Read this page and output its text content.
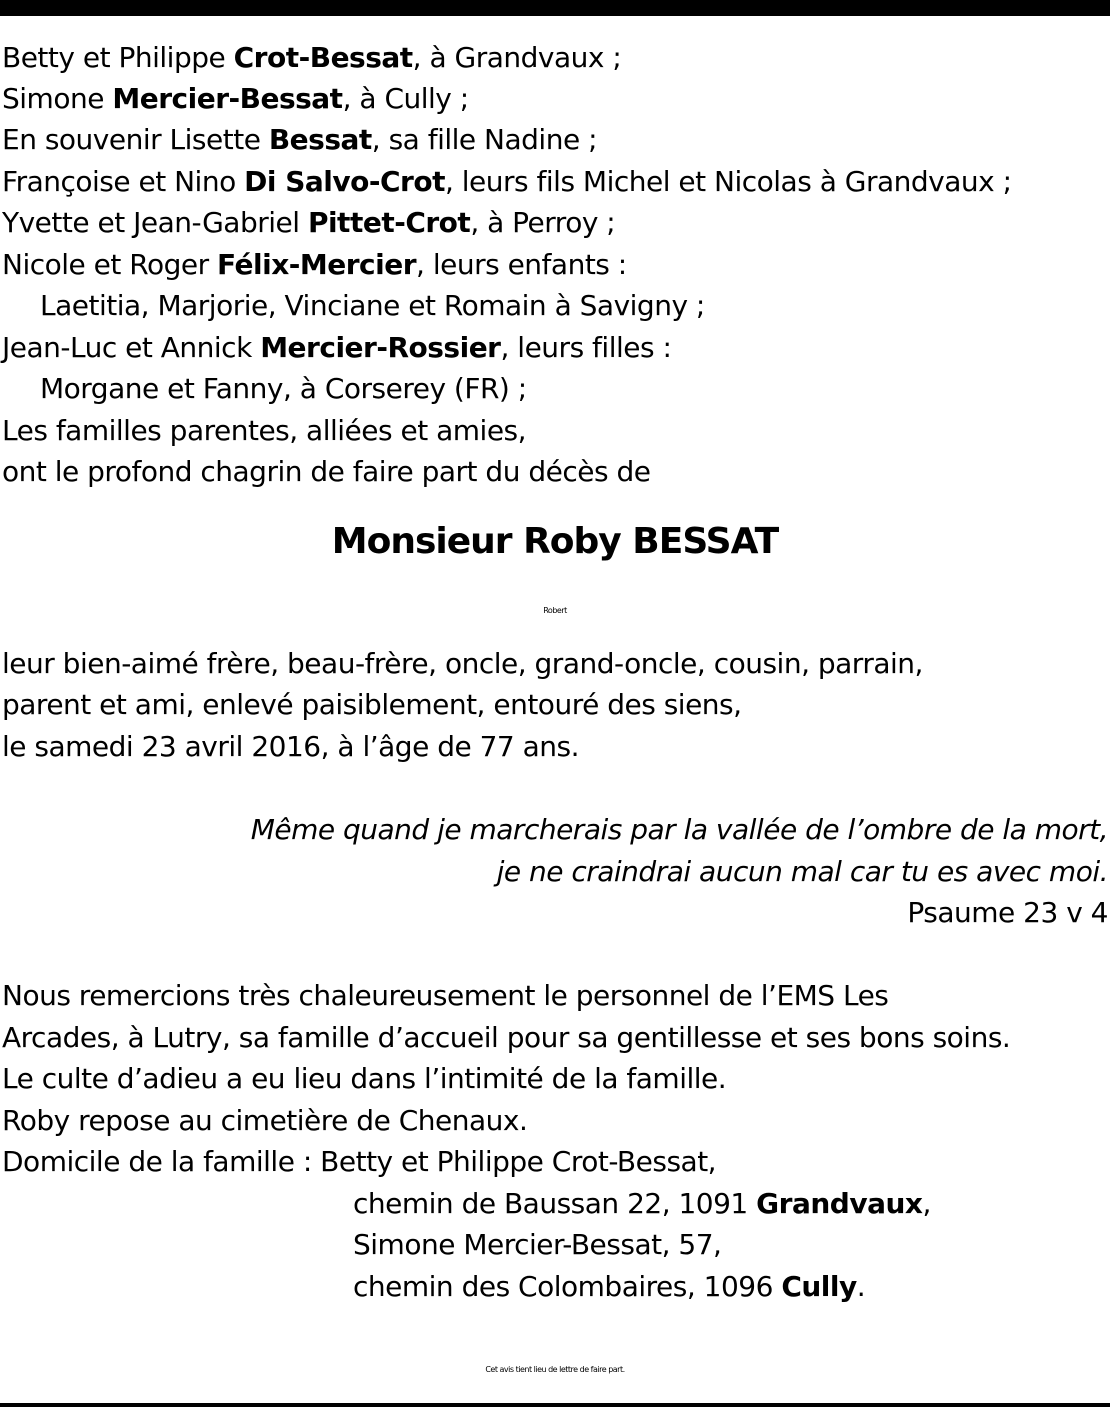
Betty et Philippe Crot-Bessat, à Grandvaux ;
Simone Mercier-Bessat, à Cully ;
En souvenir Lisette Bessat, sa fille Nadine ;
Françoise et Nino Di Salvo-Crot, leurs fils Michel et Nicolas à Grandvaux ;
Yvette et Jean-Gabriel Pittet-Crot, à Perroy ;
Nicole et Roger Félix-Mercier, leurs enfants :
Laetitia, Marjorie, Vinciane et Romain à Savigny ;
Jean-Luc et Annick Mercier-Rossier, leurs filles :
Morgane et Fanny, à Corserey (FR) ;
Les familles parentes, alliées et amies,
ont le profond chagrin de faire part du décès de
Monsieur Roby BESSAT
Robert
leur bien-aimé frère, beau-frère, oncle, grand-oncle, cousin, parrain,
parent et ami, enlevé paisiblement, entouré des siens,
le samedi 23 avril 2016, à l’âge de 77 ans.
Même quand je marcherais par la vallée de l’ombre de la mort,
je ne craindrai aucun mal car tu es avec moi.
Psaume 23 v 4
Nous remercions très chaleureusement le personnel de l’EMS Les
Arcades, à Lutry, sa famille d’accueil pour sa gentillesse et ses bons soins.
Le culte d’adieu a eu lieu dans l’intimité de la famille.
Roby repose au cimetière de Chenaux.
Domicile de la famille : Betty et Philippe Crot-Bessat,
chemin de Baussan 22, 1091 Grandvaux,
Simone Mercier-Bessat, 57,
chemin des Colombaires, 1096 Cully.
Cet avis tient lieu de lettre de faire part.
